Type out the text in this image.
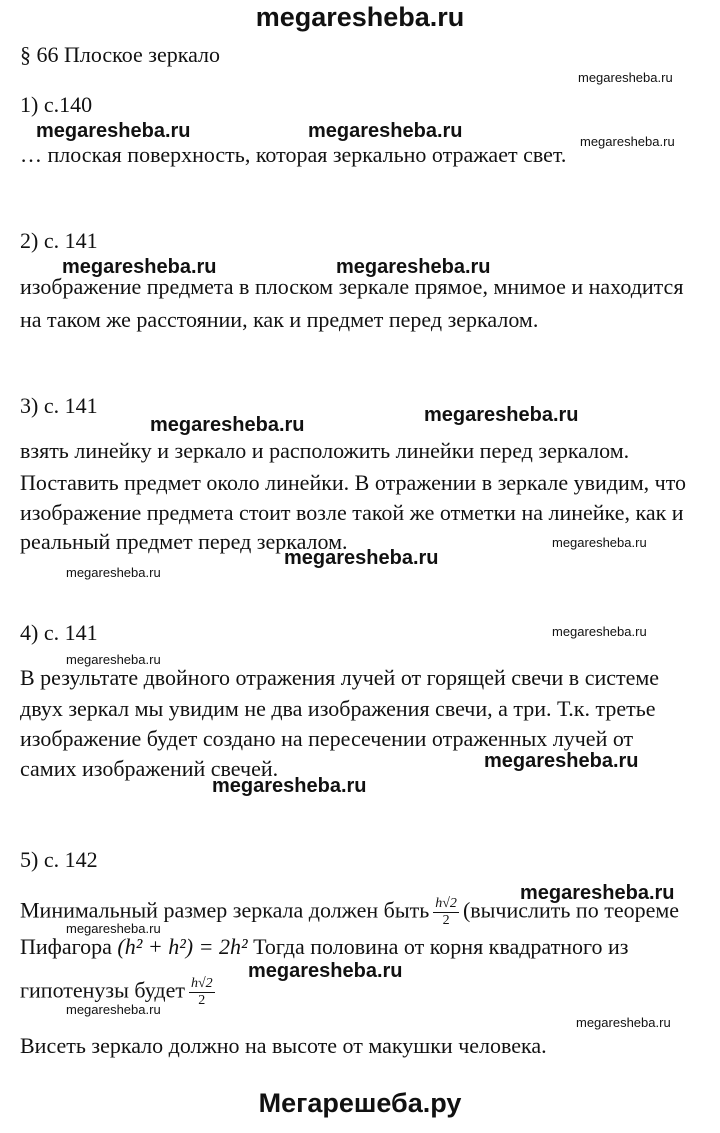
megaresheba.ru
§ 66 Плоское зеркало
megaresheba.ru
megaresheba.ru	megaresheba.ru	megaresheba.ru
1) с.140
… плоская поверхность, которая зеркально отражает свет.
2) с. 141
megaresheba.ru	megaresheba.ru
изображение предмета в плоском зеркале прямое, мнимое и находится
на таком же расстоянии, как и предмет перед зеркалом.
3) с. 141
megaresheba.ru	megaresheba.ru
взять линейку и зеркало и расположить линейки перед зеркалом.
Поставить предмет около линейки. В отражении в зеркале увидим, что
изображение предмета стоит возле такой же отметки на линейке, как и
реальный предмет перед зеркалом.	megaresheba.ru
megaresheba.ru
megaresheba.ru
4) с. 141	megaresheba.ru
megaresheba.ru
В результате двойного отражения лучей от горящей свечи в системе
двух зеркал мы увидим не два изображения свечи, а три. Т.к. третье
изображение будет создано на пересечении отраженных лучей от
самих изображений свечей.	megaresheba.ru
megaresheba.ru
5) с. 142
megaresheba.ru
Минимальный размер зеркала должен быть $\frac{h√2}{2}$ (вычислить по теореме
megaresheba.ru
Пифагора (h² + h²) = 2h² Тогда половина от корня квадратного из
megaresheba.ru
гипотенузы будет $\frac{h√2}{2}$
megaresheba.ru
megaresheba.ru
Висеть зеркало должно на высоте от макушки человека.
Мегарешеба.ру
